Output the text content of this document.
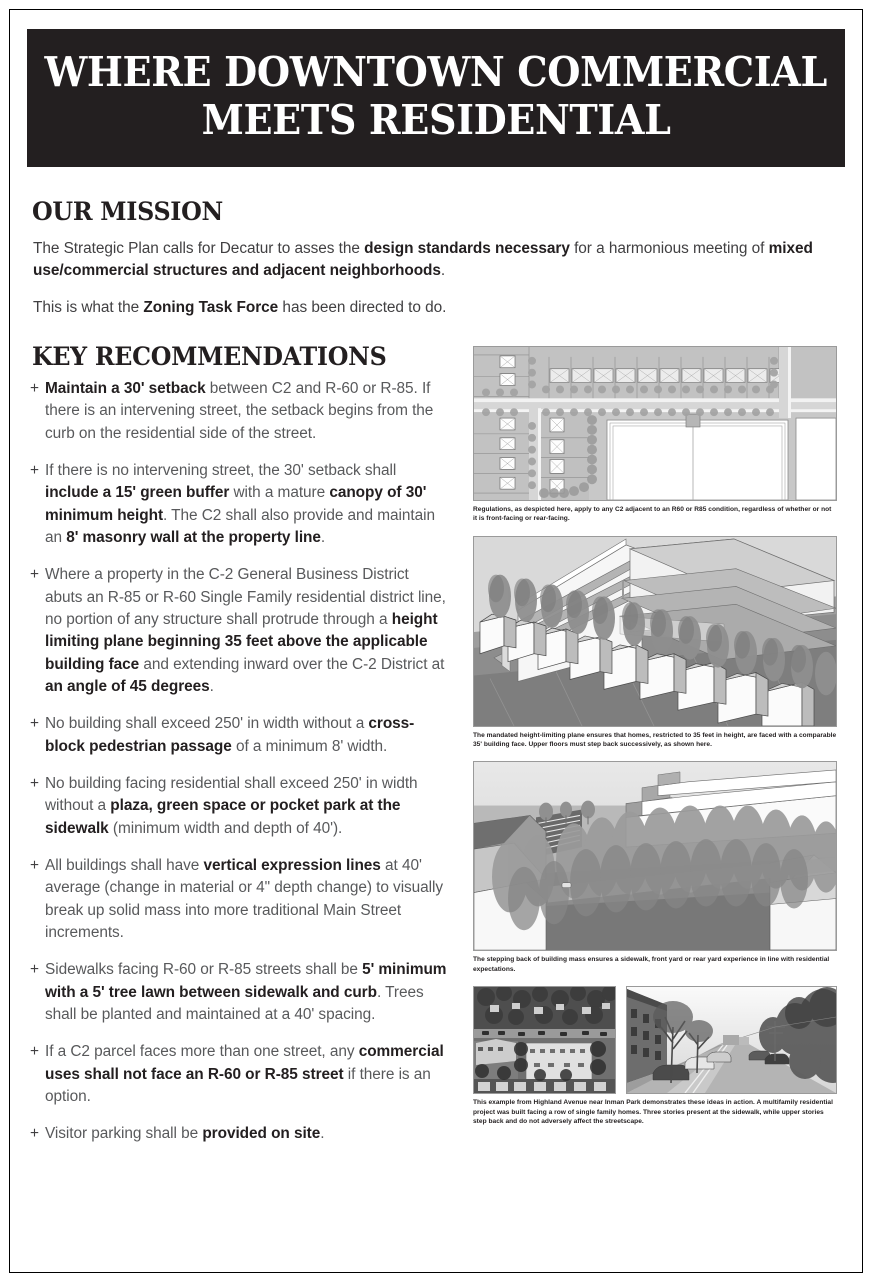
WHERE DOWNTOWN COMMERCIAL
MEETS RESIDENTIAL
OUR MISSION

The Strategic Plan calls for Decatur to asses the design standards necessary for a harmonious meeting of mixed use/commercial structures and adjacent neighborhoods.

This is what the Zoning Task Force has been directed to do.

KEY RECOMMENDATIONS
+ Maintain a 30' setback between C2 and R-60 or R-85. If there is an intervening street, the setback begins from the curb on the residential side of the street.
+ If there is no intervening street, the 30' setback shall include a 15' green buffer with a mature canopy of 30' minimum height. The C2 shall also provide and maintain an 8' masonry wall at the property line.
+ Where a property in the C-2 General Business District abuts an R-85 or R-60 Single Family residential district line, no portion of any structure shall protrude through a height limiting plane beginning 35 feet above the applicable building face and extending inward over the C-2 District at an angle of 45 degrees.
+ No building shall exceed 250' in width without a cross-block pedestrian passage of a minimum 8' width.
+ No building facing residential shall exceed 250' in width without a plaza, green space or pocket park at the sidewalk (minimum width and depth of 40').
+ All buildings shall have vertical expression lines at 40' average (change in material or 4" depth change) to visually break up solid mass into more traditional Main Street increments.
+ Sidewalks facing R-60 or R-85 streets shall be 5' minimum with a 5' tree lawn between sidewalk and curb. Trees shall be planted and maintained at a 40' spacing.
+ If a C2 parcel faces more than one street, any commercial uses shall not face an R-60 or R-85 street if there is an option.
+ Visitor parking shall be provided on site.
Regulations, as despicted here, apply to any C2 adjacent to an R60 or R85 condition, regardless of whether or not it is front-facing or rear-facing.
The mandated height-limiting plane ensures that homes, restricted to 35 feet in height, are faced with a comparable 35' building face. Upper floors must step back successively, as shown here.
The stepping back of building mass ensures a sidewalk, front yard or rear yard experience in line with residential expectations.
This example from Highland Avenue near Inman Park demonstrates these ideas in action. A multifamily residential project was built facing a row of single family homes. Three stories present at the sidewalk, while upper stories step back and do not adversely affect the streetscape.
